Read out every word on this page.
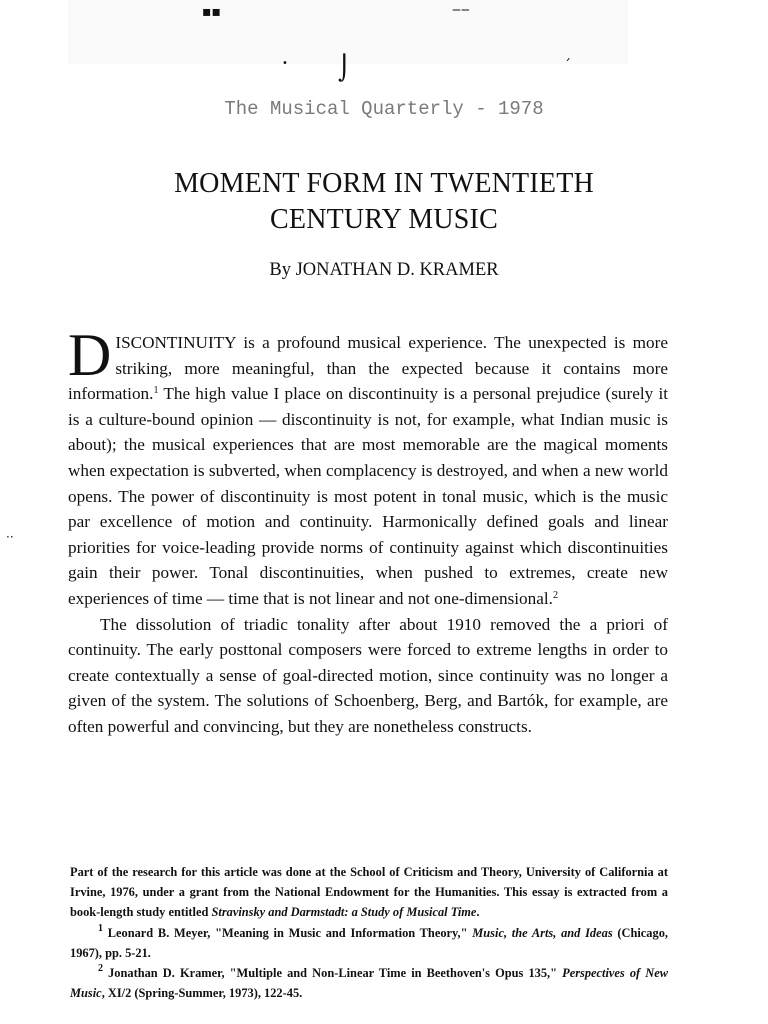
▪▪	‒‒
• ⌡	ˊ
··
The Musical Quarterly - 1978
MOMENT FORM IN TWENTIETH
CENTURY MUSIC
By JONATHAN D. KRAMER

DISCONTINUITY is a profound musical experience. The unexpected is more striking, more meaningful, than the expected because it contains more information.$^1$ The high value I place on discontinuity is a personal prejudice (surely it is a culture-bound opinion — discontinuity is not, for example, what Indian music is about); the musical experiences that are most memorable are the magical moments when expectation is subverted, when complacency is destroyed, and when a new world opens. The power of discontinuity is most potent in tonal music, which is the music par excellence of motion and continuity. Harmonically defined goals and linear priorities for voice-leading provide norms of continuity against which discontinuities gain their power. Tonal discontinuities, when pushed to extremes, create new experiences of time — time that is not linear and not one-dimensional.$^2$

The dissolution of triadic tonality after about 1910 removed the a priori of continuity. The early posttonal composers were forced to extreme lengths in order to create contextually a sense of goal-directed motion, since continuity was no longer a given of the system. The solutions of Schoenberg, Berg, and Bartók, for example, are often powerful and convincing, but they are nonetheless constructs.

Part of the research for this article was done at the School of Criticism and Theory, University of California at Irvine, 1976, under a grant from the National Endowment for the Humanities. This essay is extracted from a book-length study entitled Stravinsky and Darmstadt: a Study of Musical Time.

$^1$ Leonard B. Meyer, "Meaning in Music and Information Theory," Music, the Arts, and Ideas (Chicago, 1967), pp. 5-21.

$^2$ Jonathan D. Kramer, "Multiple and Non-Linear Time in Beethoven's Opus 135," Perspectives of New Music, XI/2 (Spring-Summer, 1973), 122-45.
